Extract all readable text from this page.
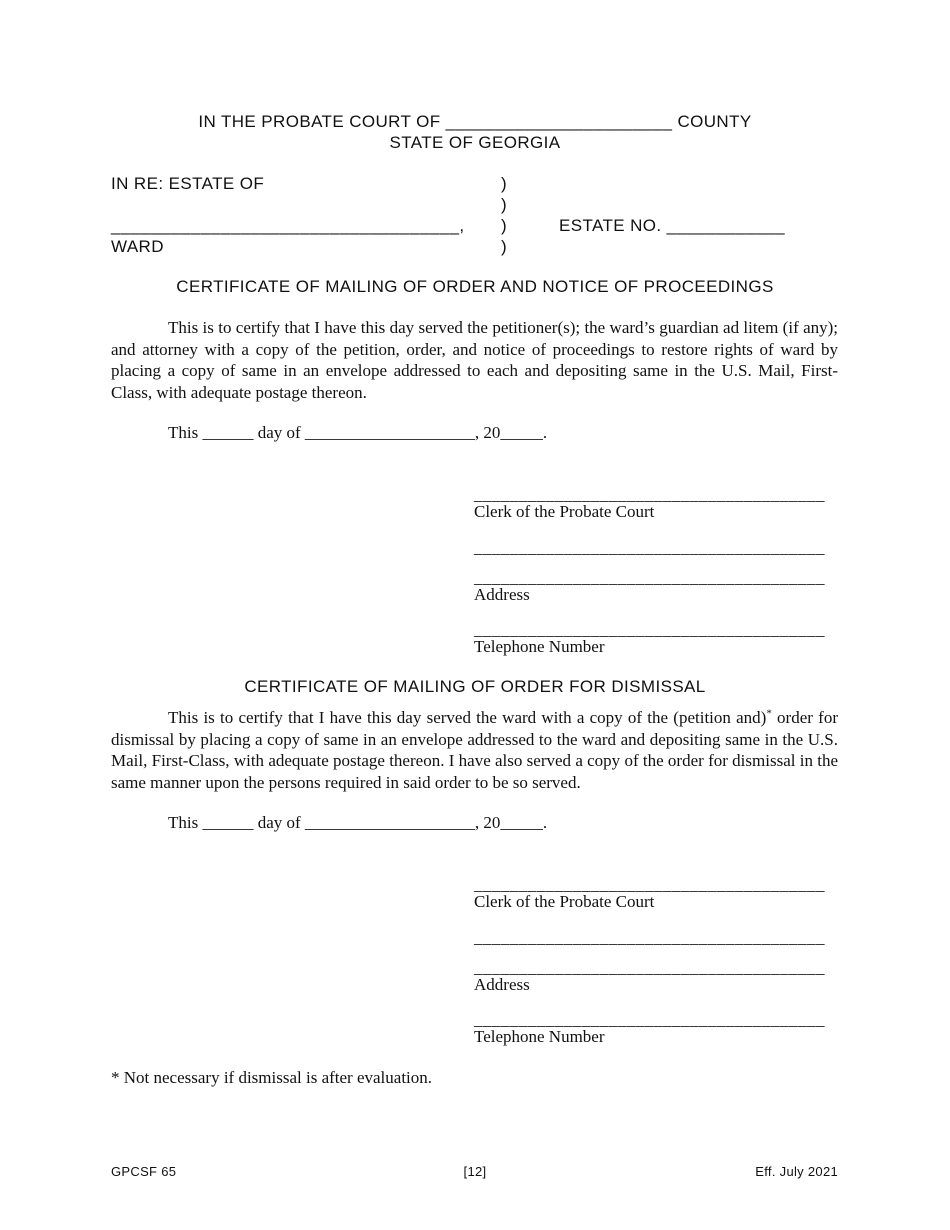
IN THE PROBATE COURT OF _______________________ COUNTY
STATE OF GEORGIA
IN RE: ESTATE OF
___________________________________,
WARD
)
)
)
)
ESTATE NO. ____________
CERTIFICATE OF MAILING OF ORDER AND NOTICE OF PROCEEDINGS
This is to certify that I have this day served the petitioner(s); the ward’s guardian ad litem (if any); and attorney with a copy of the petition, order, and notice of proceedings to restore rights of ward by placing a copy of same in an envelope addressed to each and depositing same in the U.S. Mail, First-Class, with adequate postage thereon.
This ______ day of ____________________, 20_____.
_______________________________________
Clerk of the Probate Court
_______________________________________
_______________________________________
Address
_______________________________________
Telephone Number
CERTIFICATE OF MAILING OF ORDER FOR DISMISSAL
This is to certify that I have this day served the ward with a copy of the (petition and)* order for dismissal by placing a copy of same in an envelope addressed to the ward and depositing same in the U.S. Mail, First-Class, with adequate postage thereon. I have also served a copy of the order for dismissal in the same manner upon the persons required in said order to be so served.
This ______ day of ____________________, 20_____.
_______________________________________
Clerk of the Probate Court
_______________________________________
_______________________________________
Address
_______________________________________
Telephone Number
* Not necessary if dismissal is after evaluation.
GPCSF 65	[12]	Eff. July 2021
